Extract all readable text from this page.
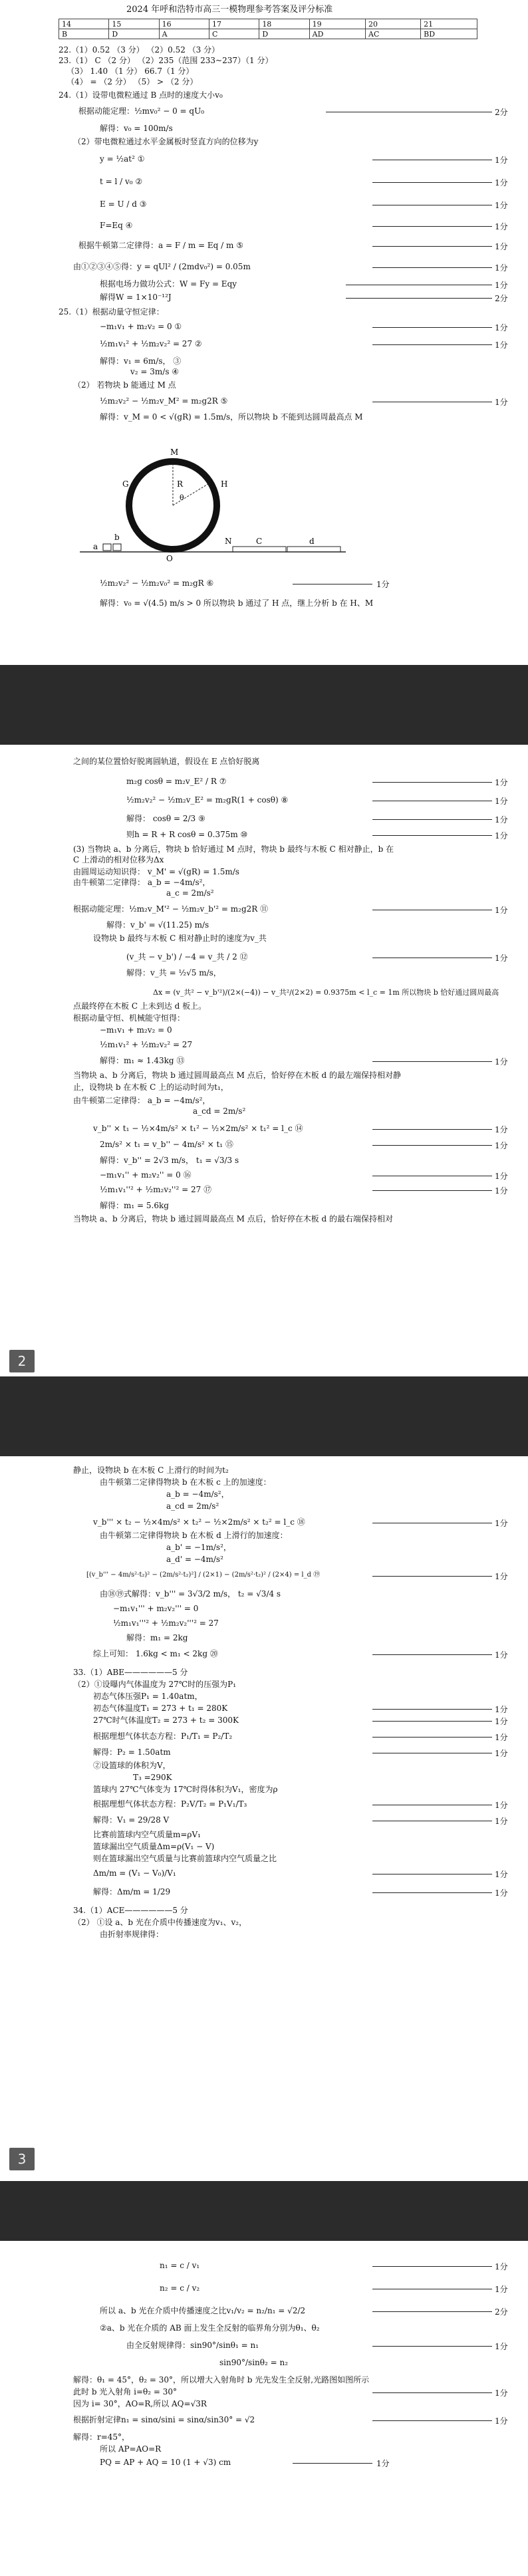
2024 年呼和浩特市高三一模物理参考答案及评分标准
14	15	16	17	18	19	20	21
B	D	A	C	D	AD	AC	BD
22.（1）0.52 （3 分） （2）0.52 （3 分）
23.（1） C （2 分） （2）235（范围 233~237）（1 分）
（3） 1.40 （1 分） 66.7（1 分）
（4） = （2 分） （5） > （2 分）
24.（1）设带电微粒通过 B 点时的速度大小v₀
根据动能定理：½mv₀² − 0 = qU₀	2分
解得：v₀ = 100m/s
（2）带电微粒通过水平金属板时竖直方向的位移为y
y = ½at² ①	1分
t = l / v₀ ②	1分
E = U / d ③	1分
F=Eq ④	1分
根据牛顿第二定律得：a = F / m = Eq / m ⑤	1分
由①②③④⑤得：y = qUl² / (2mdv₀²) = 0.05m	1分
根据电场力做功公式：W = Fy = Eqy	1分
解得W = 1×10⁻¹²J	2分
25.（1）根据动量守恒定律：
−m₁v₁ + m₂v₂ = 0 ①	1分
½m₁v₁² + ½m₂v₂² = 27 ②	1分
解得：v₁ = 6m/s， ③
v₂ = 3m/s ④
（2） 若物块 b 能通过 M 点
½m₂v₂² − ½m₂v_M² = m₂g2R ⑤	1分
解得：v_M = 0 < √(gR) = 1.5m/s，所以物块 b 不能到达圆周最高点 M
M
G	R	H
θ
b
a
O
N	C	d
½m₂v₂² − ½m₂v₀² = m₂gR ⑥	1分
解得：v₀ = √(4.5) m/s > 0 所以物块 b 通过了 H 点，继上分析 b 在 H、M
之间的某位置恰好脱离圆轨道，假设在 E 点恰好脱离
m₂g cosθ = m₂v_E² / R ⑦	1分
½m₂v₂² − ½m₂v_E² = m₂gR(1 + cosθ) ⑧	1分
解得： cosθ = 2/3 ⑨	1分
则h = R + R cosθ = 0.375m ⑩	1分
(3) 当物块 a、b 分离后，物块 b 恰好通过 M 点时，物块 b 最终与木板 C 相对静止，b 在
C 上滑动的相对位移为Δx
由圆周运动知识得： v_M' = √(gR) = 1.5m/s
由牛顿第二定律得： a_b = −4m/s²，
a_c = 2m/s²
根据动能定理：½m₂v_M'² − ½m₂v_b'² = m₂g2R ⑪	1分
解得：v_b' = √(11.25) m/s
设物块 b 最终与木板 C 相对静止时的速度为v_共
(v_共 − v_b') / −4 = v_共 / 2 ⑫	1分
解得：v_共 = ½√5 m/s，
Δx = (v_共² − v_b'²)/(2×(−4)) − v_共²/(2×2) = 0.9375m < l_c = 1m 所以物块 b 恰好通过圆周最高
点最终停在木板 C 上未到达 d 板上。
根据动量守恒、机械能守恒得：
−m₁v₁ + m₂v₂ = 0
½m₁v₁² + ½m₂v₂² = 27
解得：m₁ ≈ 1.43kg ⑬	1分
当物块 a、b 分离后，物块 b 通过圆周最高点 M 点后，恰好停在木板 d 的最左端保持相对静
止，设物块 b 在木板 C 上的运动时间为t₁，
由牛顿第二定律得： a_b = −4m/s²，
a_cd = 2m/s²
v_b'' × t₁ − ½×4m/s² × t₁² − ½×2m/s² × t₁² = l_c ⑭	1分
2m/s² × t₁ = v_b'' − 4m/s² × t₁ ⑮	1分
解得：v_b'' = 2√3 m/s， t₁ = √3/3 s
−m₁v₁'' + m₂v₂'' = 0 ⑯	1分
½m₁v₁''² + ½m₂v₂''² = 27 ⑰	1分
解得：m₁ = 5.6kg
当物块 a、b 分离后，物块 b 通过圆周最高点 M 点后，恰好停在木板 d 的最右端保持相对
2
静止，设物块 b 在木板 C 上滑行的时间为t₂
由牛顿第二定律得物块 b 在木板 c 上的加速度：
a_b = −4m/s²，
a_cd = 2m/s²
v_b''' × t₂ − ½×4m/s² × t₂² − ½×2m/s² × t₂² = l_c ⑱	1分
由牛顿第二定律得物块 b 在木板 d 上滑行的加速度：
a_b' = −1m/s²，
a_d' = −4m/s²
[(v_b''' − 4m/s²·t₂)² − (2m/s²·t₂)²] / (2×1) − (2m/s²·t₂)² / (2×4) = l_d ⑲	1分
由⑱⑲式解得：v_b''' = 3√3/2 m/s， t₂ = √3/4 s
−m₁v₁''' + m₂v₂''' = 0
½m₁v₁'''² + ½m₂v₂'''² = 27
解得：m₁ = 2kg
综上可知： 1.6kg < m₁ < 2kg ⑳	1分
33.（1）ABE——————5 分
（2）①设曝内气体温度为 27℃时的压强为P₁
初态气体压强P₁ = 1.40atm，
初态气体温度T₁ = 273 + t₁ = 280K	1分
27℃时气体温度T₂ = 273 + t₂ = 300K	1分
根据理想气体状态方程：P₁/T₁ = P₂/T₂	1分
解得：P₂ = 1.50atm	1分
②设篮球的体积为V，
T₃ =290K
篮球内 27℃气体变为 17℃时得体积为V₁，密度为ρ
根据理想气体状态方程：P₂V/T₂ = P₁V₁/T₃	1分
解得：V₁ = 29/28 V	1分
比赛前篮球内空气质量m=ρV₁
篮球漏出空气质量Δm=ρ(V₁ − V)
则在篮球漏出空气质量与比赛前篮球内空气质量之比
Δm/m = (V₁ − V₀)/V₁	1分
解得：Δm/m = 1/29	1分
34.（1）ACE——————5 分
（2） ①设 a、b 光在介质中传播速度为v₁、v₂，
由折射率规律得：
3
n₁ = c / v₁	1分
n₂ = c / v₂	1分
所以 a、b 光在介质中传播速度之比v₁/v₂ = n₂/n₁ = √2/2	2分
②a、b 光在介质的 AB 面上发生全反射的临界角分别为θ₁、θ₂
由全反射规律得：sin90°/sinθ₁ = n₁	1分
sin90°/sinθ₂ = n₂
解得：θ₁ = 45°，θ₂ = 30°，所以增大入射角时 b 光先发生全反射,光路图如图所示
此时 b 光入射角 i=θ₂ = 30°	1分
因为 i= 30°，AO=R,所以 AQ=√3R
根据折射定律n₁ = sinα/sini = sinα/sin30° = √2	1分
解得：r=45°，
所以 AP=AO=R
PQ = AP + AQ = 10 (1 + √3) cm	1分
